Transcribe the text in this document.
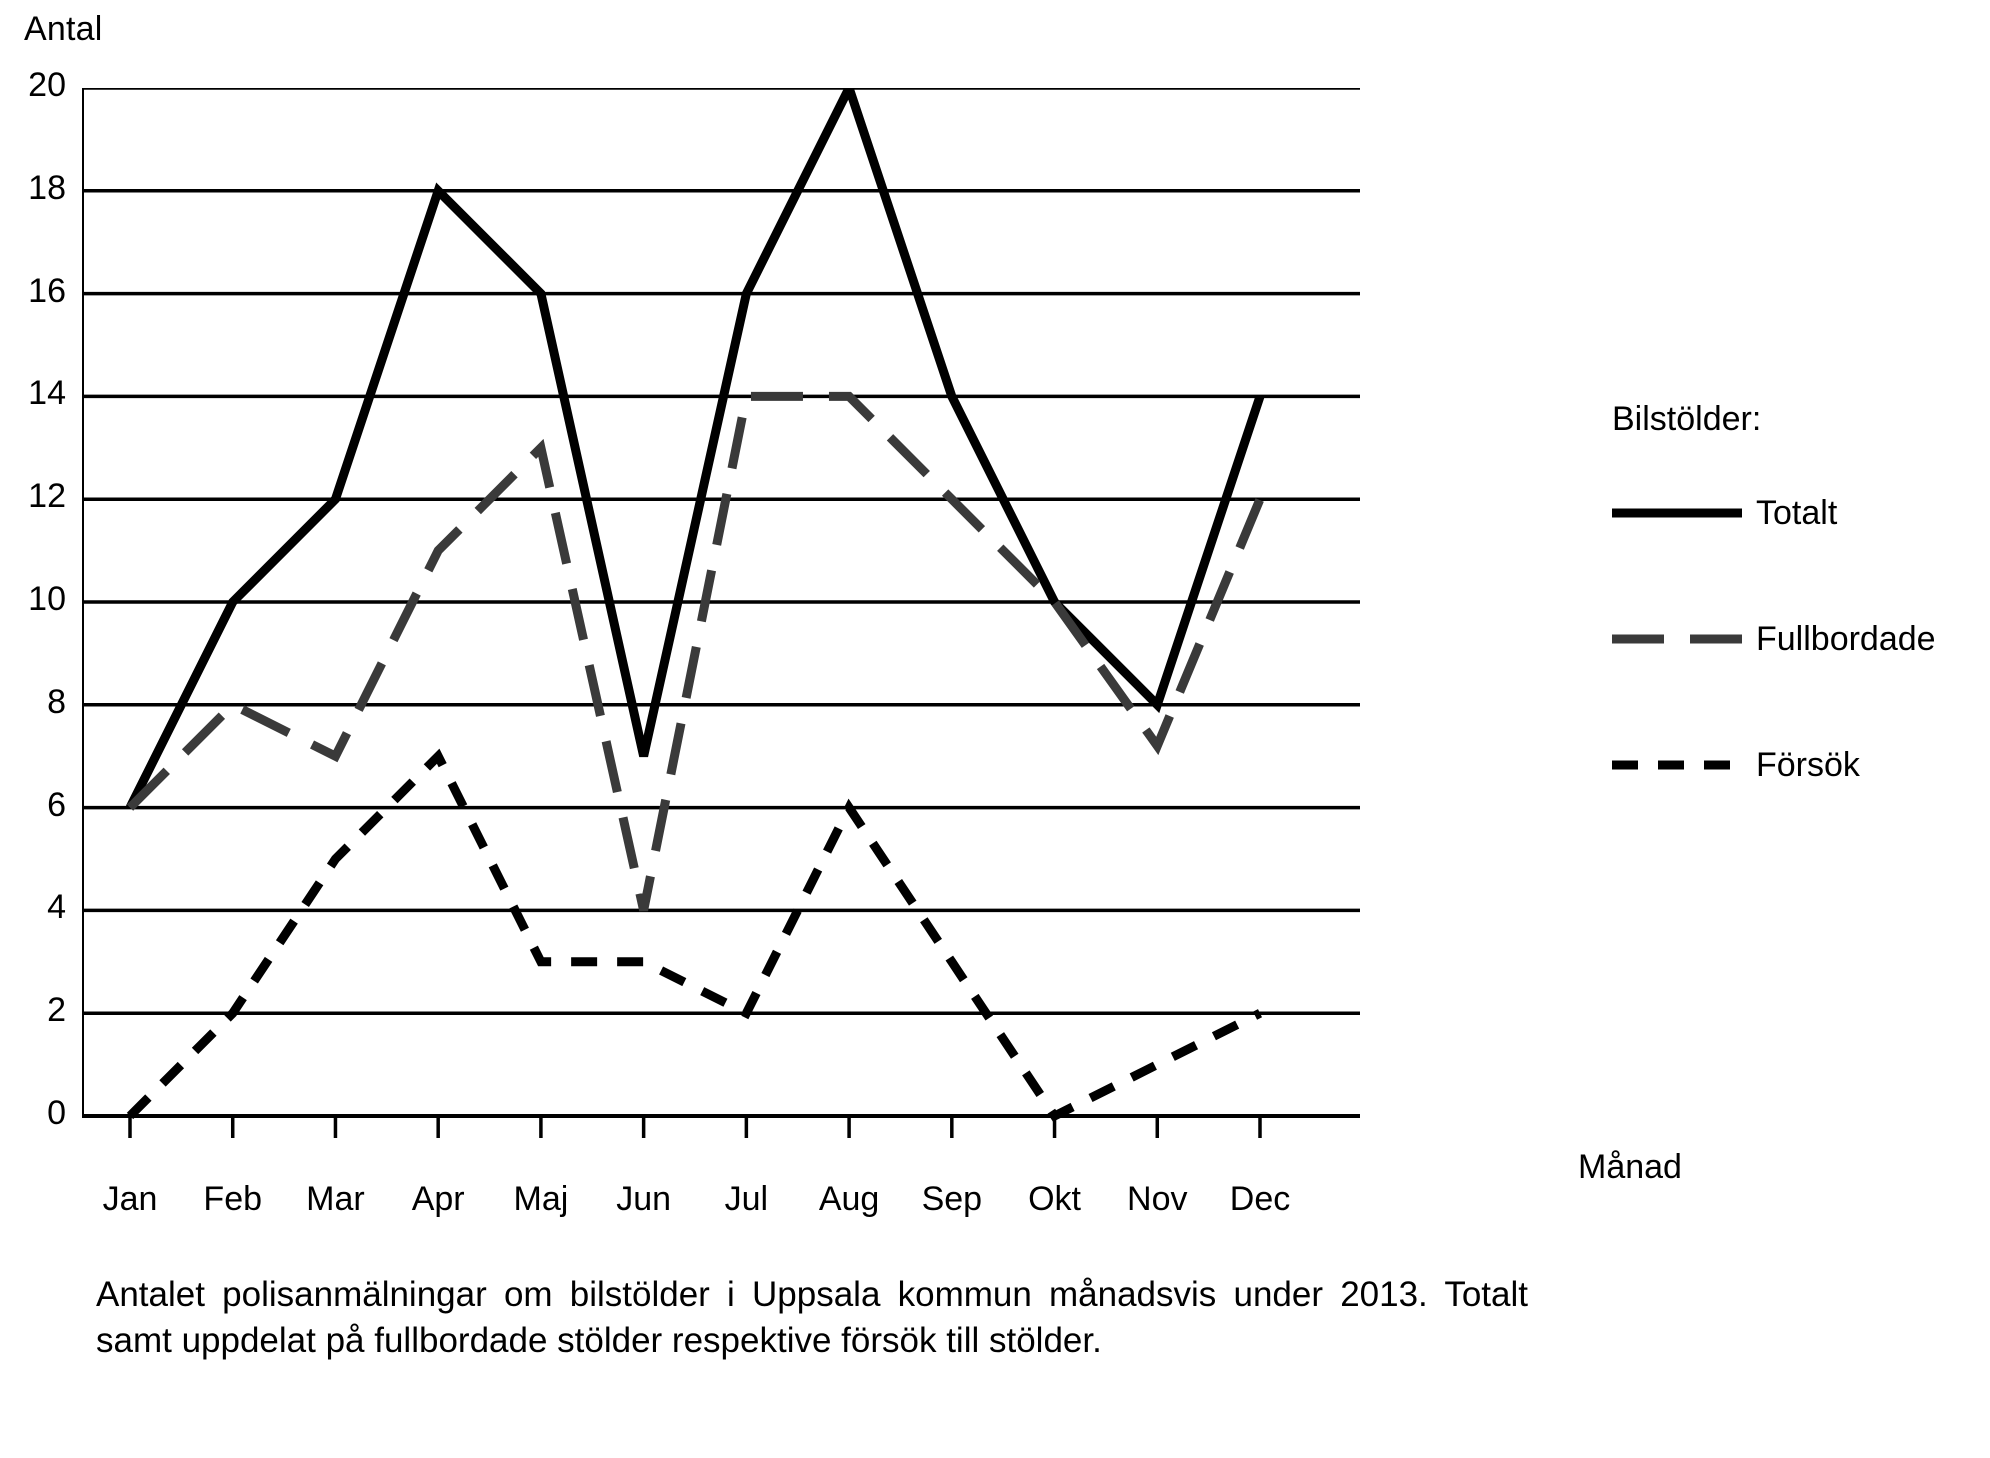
Antal
Månad
0
2
4
6
8
10
12
14
16
18
20
Jan	Feb	Mar	Apr	Maj	Jun	Jul	Aug	Sep	Okt	Nov	Dec
Bilstölder:
Totalt
Fullbordade
Försök
Antalet polisanmälningar om bilstölder i Uppsala kommun månadsvis under 2013. Totalt samt uppdelat på fullbordade stölder respektive försök till stölder.
